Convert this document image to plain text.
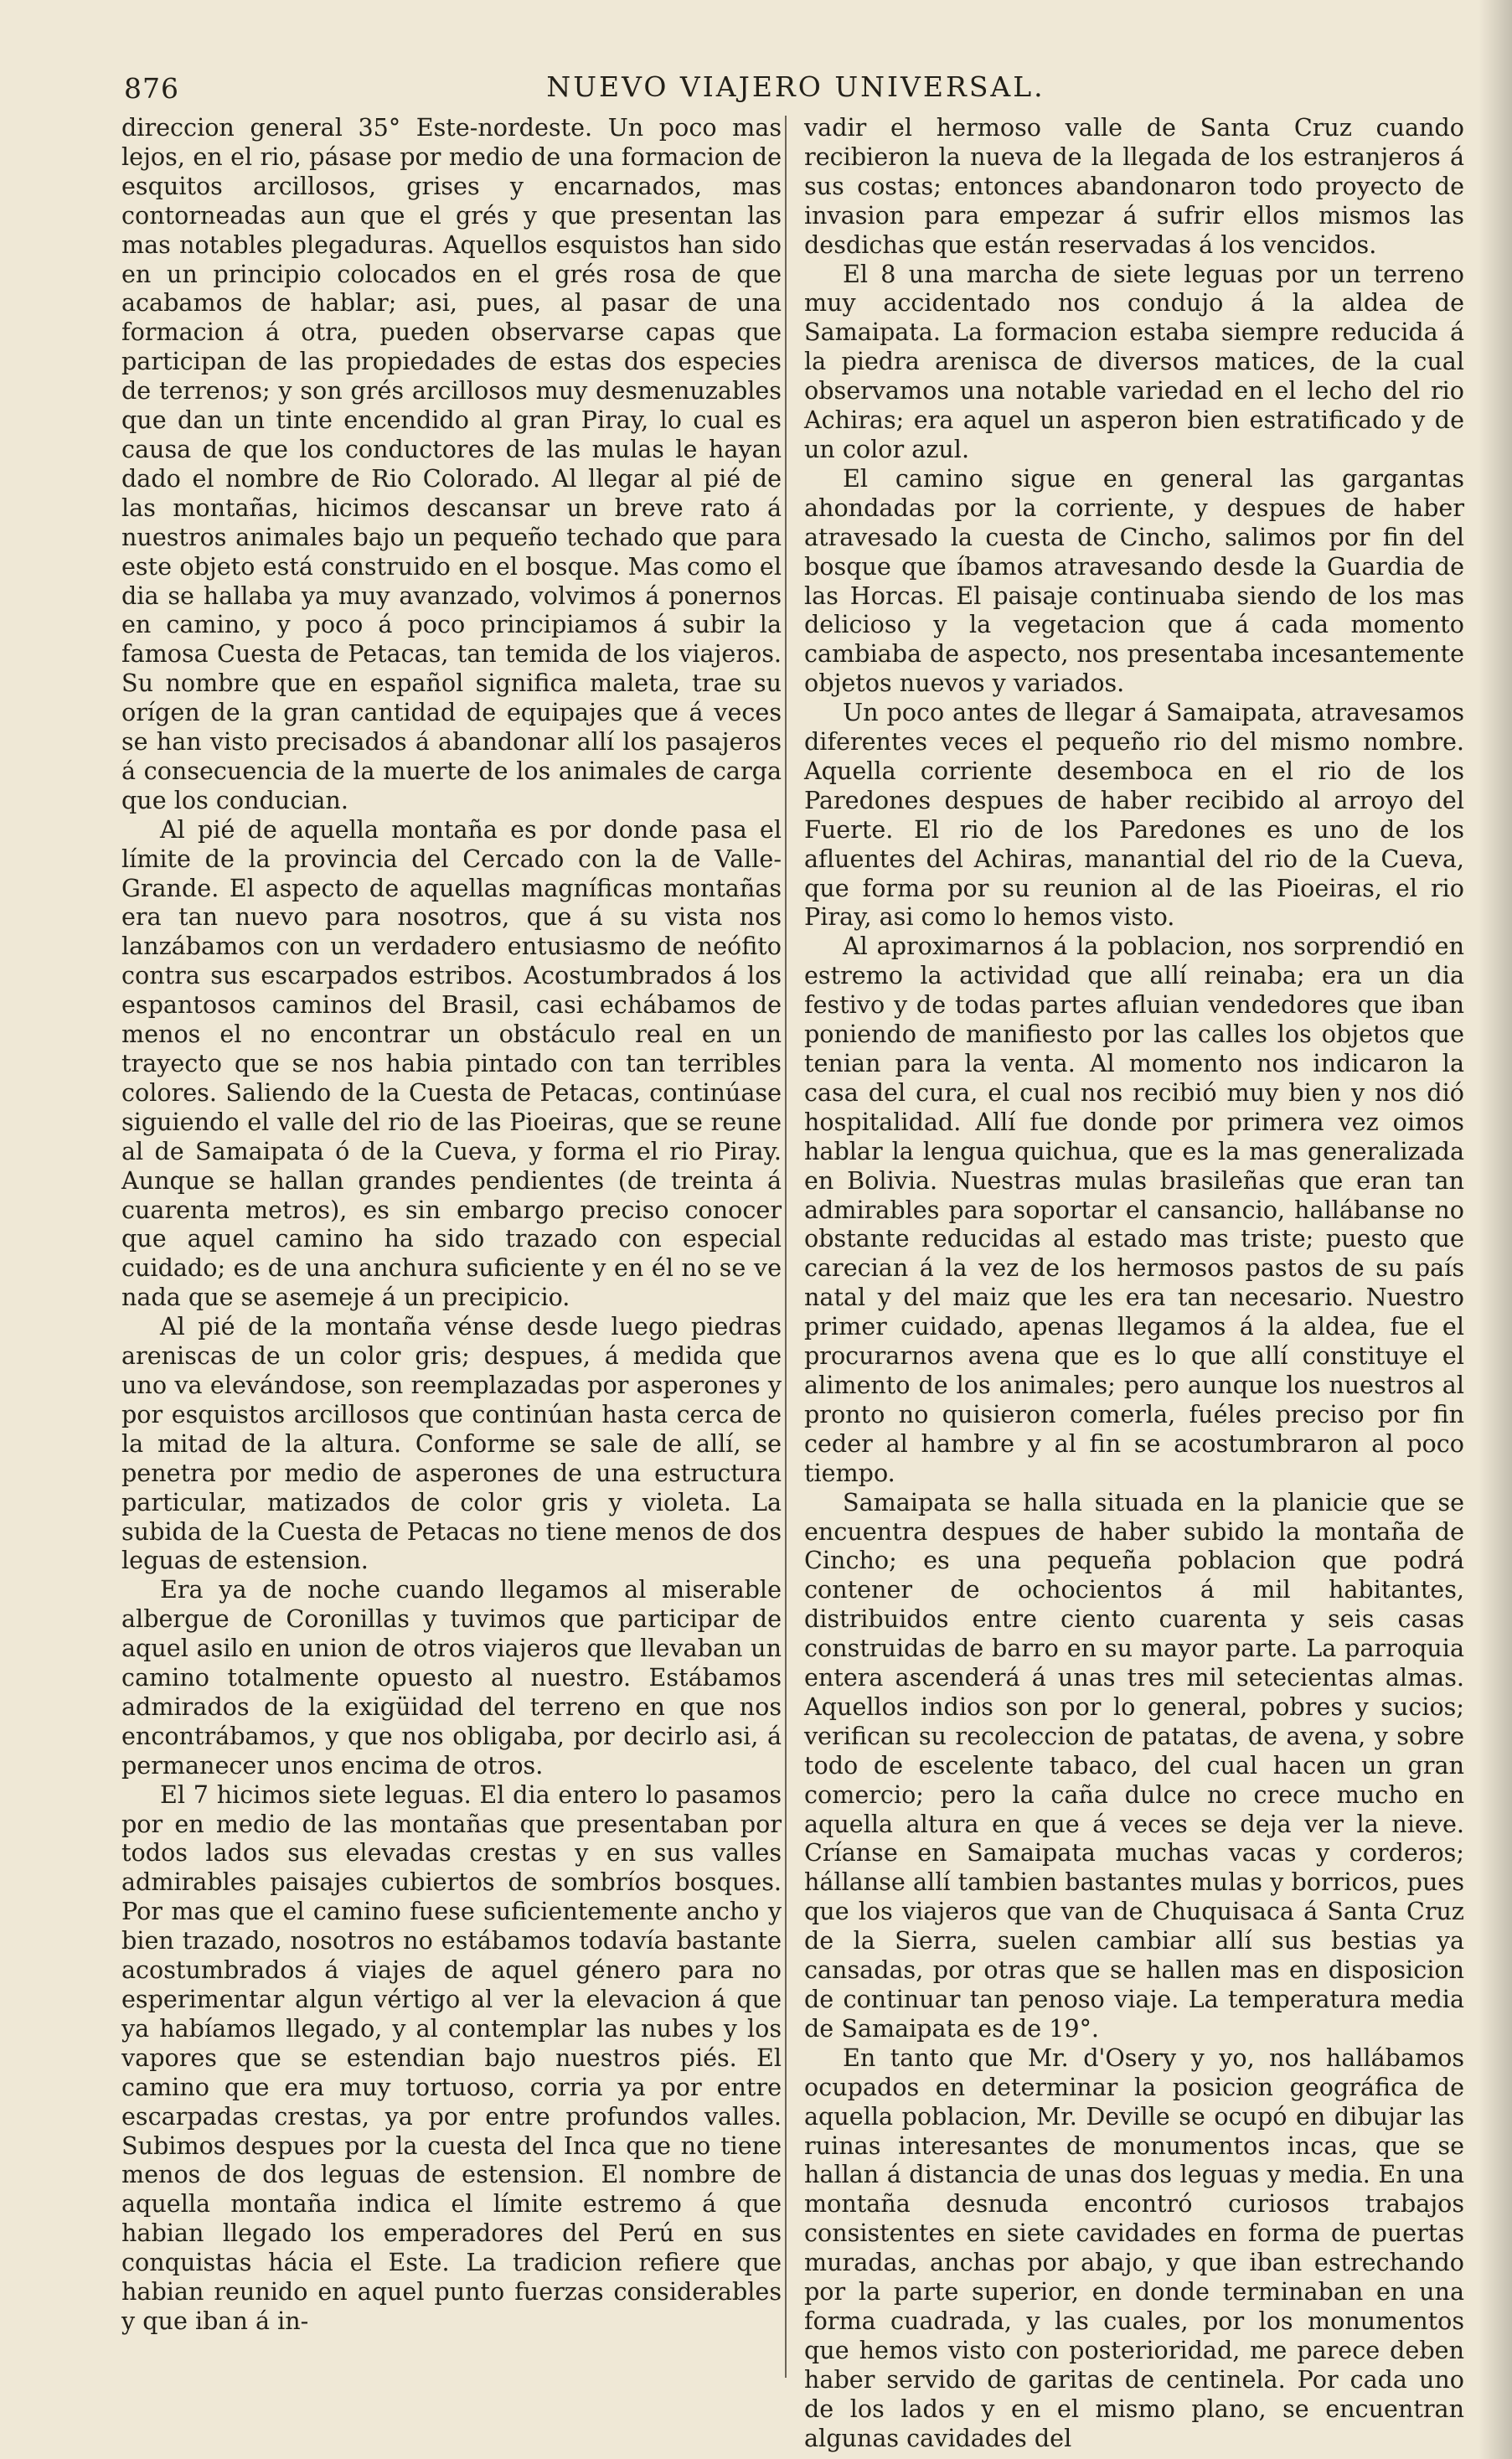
876	NUEVO VIAJERO UNIVERSAL.

direccion general 35° Este-nordeste. Un poco mas lejos, en el rio, pásase por medio de una formacion de esquitos arcillosos, grises y encarnados, mas contorneadas aun que el grés y que presentan las mas notables plegaduras. Aquellos esquistos han sido en un principio colocados en el grés rosa de que acabamos de hablar; asi, pues, al pasar de una formacion á otra, pueden observarse capas que participan de las propiedades de estas dos especies de terrenos; y son grés arcillosos muy desmenuzables que dan un tinte encendido al gran Piray, lo cual es causa de que los conductores de las mulas le hayan dado el nombre de Rio Colorado. Al llegar al pié de las montañas, hicimos descansar un breve rato á nuestros animales bajo un pequeño techado que para este objeto está construido en el bosque. Mas como el dia se hallaba ya muy avanzado, volvimos á ponernos en camino, y poco á poco principiamos á subir la famosa Cuesta de Petacas, tan temida de los viajeros. Su nombre que en español significa maleta, trae su orígen de la gran cantidad de equipajes que á veces se han visto precisados á abandonar allí los pasajeros á consecuencia de la muerte de los animales de carga que los conducian.

Al pié de aquella montaña es por donde pasa el límite de la provincia del Cercado con la de Valle-Grande. El aspecto de aquellas magníficas montañas era tan nuevo para nosotros, que á su vista nos lanzábamos con un verdadero entusiasmo de neófito contra sus escarpados estribos. Acostumbrados á los espantosos caminos del Brasil, casi echábamos de menos el no encontrar un obstáculo real en un trayecto que se nos habia pintado con tan terribles colores. Saliendo de la Cuesta de Petacas, continúase siguiendo el valle del rio de las Pioeiras, que se reune al de Samaipata ó de la Cueva, y forma el rio Piray. Aunque se hallan grandes pendientes (de treinta á cuarenta metros), es sin embargo preciso conocer que aquel camino ha sido trazado con especial cuidado; es de una anchura suficiente y en él no se ve nada que se asemeje á un precipicio.

Al pié de la montaña vénse desde luego piedras areniscas de un color gris; despues, á medida que uno va elevándose, son reemplazadas por asperones y por esquistos arcillosos que continúan hasta cerca de la mitad de la altura. Conforme se sale de allí, se penetra por medio de asperones de una estructura particular, matizados de color gris y violeta. La subida de la Cuesta de Petacas no tiene menos de dos leguas de estension.

Era ya de noche cuando llegamos al miserable albergue de Coronillas y tuvimos que participar de aquel asilo en union de otros viajeros que llevaban un camino totalmente opuesto al nuestro. Estábamos admirados de la exigüidad del terreno en que nos encontrábamos, y que nos obligaba, por decirlo asi, á permanecer unos encima de otros.

El 7 hicimos siete leguas. El dia entero lo pasamos por en medio de las montañas que presentaban por todos lados sus elevadas crestas y en sus valles admirables paisajes cubiertos de sombríos bosques. Por mas que el camino fuese suficientemente ancho y bien trazado, nosotros no estábamos todavía bastante acostumbrados á viajes de aquel género para no esperimentar algun vértigo al ver la elevacion á que ya habíamos llegado, y al contemplar las nubes y los vapores que se estendian bajo nuestros piés. El camino que era muy tortuoso, corria ya por entre escarpadas crestas, ya por entre profundos valles. Subimos despues por la cuesta del Inca que no tiene menos de dos leguas de estension. El nombre de aquella montaña indica el límite estremo á que habian llegado los emperadores del Perú en sus conquistas hácia el Este. La tradicion refiere que habian reunido en aquel punto fuerzas considerables y que iban á in-

vadir el hermoso valle de Santa Cruz cuando recibieron la nueva de la llegada de los estranjeros á sus costas; entonces abandonaron todo proyecto de invasion para empezar á sufrir ellos mismos las desdichas que están reservadas á los vencidos.

El 8 una marcha de siete leguas por un terreno muy accidentado nos condujo á la aldea de Samaipata. La formacion estaba siempre reducida á la piedra arenisca de diversos matices, de la cual observamos una notable variedad en el lecho del rio Achiras; era aquel un asperon bien estratificado y de un color azul.

El camino sigue en general las gargantas ahondadas por la corriente, y despues de haber atravesado la cuesta de Cincho, salimos por fin del bosque que íbamos atravesando desde la Guardia de las Horcas. El paisaje continuaba siendo de los mas delicioso y la vegetacion que á cada momento cambiaba de aspecto, nos presentaba incesantemente objetos nuevos y variados.

Un poco antes de llegar á Samaipata, atravesamos diferentes veces el pequeño rio del mismo nombre. Aquella corriente desemboca en el rio de los Paredones despues de haber recibido al arroyo del Fuerte. El rio de los Paredones es uno de los afluentes del Achiras, manantial del rio de la Cueva, que forma por su reunion al de las Pioeiras, el rio Piray, asi como lo hemos visto.

Al aproximarnos á la poblacion, nos sorprendió en estremo la actividad que allí reinaba; era un dia festivo y de todas partes afluian vendedores que iban poniendo de manifiesto por las calles los objetos que tenian para la venta. Al momento nos indicaron la casa del cura, el cual nos recibió muy bien y nos dió hospitalidad. Allí fue donde por primera vez oimos hablar la lengua quichua, que es la mas generalizada en Bolivia. Nuestras mulas brasileñas que eran tan admirables para soportar el cansancio, hallábanse no obstante reducidas al estado mas triste; puesto que carecian á la vez de los hermosos pastos de su país natal y del maiz que les era tan necesario. Nuestro primer cuidado, apenas llegamos á la aldea, fue el procurarnos avena que es lo que allí constituye el alimento de los animales; pero aunque los nuestros al pronto no quisieron comerla, fuéles preciso por fin ceder al hambre y al fin se acostumbraron al poco tiempo.

Samaipata se halla situada en la planicie que se encuentra despues de haber subido la montaña de Cincho; es una pequeña poblacion que podrá contener de ochocientos á mil habitantes, distribuidos entre ciento cuarenta y seis casas construidas de barro en su mayor parte. La parroquia entera ascenderá á unas tres mil setecientas almas. Aquellos indios son por lo general, pobres y sucios; verifican su recoleccion de patatas, de avena, y sobre todo de escelente tabaco, del cual hacen un gran comercio; pero la caña dulce no crece mucho en aquella altura en que á veces se deja ver la nieve. Críanse en Samaipata muchas vacas y corderos; hállanse allí tambien bastantes mulas y borricos, pues que los viajeros que van de Chuquisaca á Santa Cruz de la Sierra, suelen cambiar allí sus bestias ya cansadas, por otras que se hallen mas en disposicion de continuar tan penoso viaje. La temperatura media de Samaipata es de 19°.

En tanto que Mr. d'Osery y yo, nos hallábamos ocupados en determinar la posicion geográfica de aquella poblacion, Mr. Deville se ocupó en dibujar las ruinas interesantes de monumentos incas, que se hallan á distancia de unas dos leguas y media. En una montaña desnuda encontró curiosos trabajos consistentes en siete cavidades en forma de puertas muradas, anchas por abajo, y que iban estrechando por la parte superior, en donde terminaban en una forma cuadrada, y las cuales, por los monumentos que hemos visto con posterioridad, me parece deben haber servido de garitas de centinela. Por cada uno de los lados y en el mismo plano, se encuentran algunas cavidades del
